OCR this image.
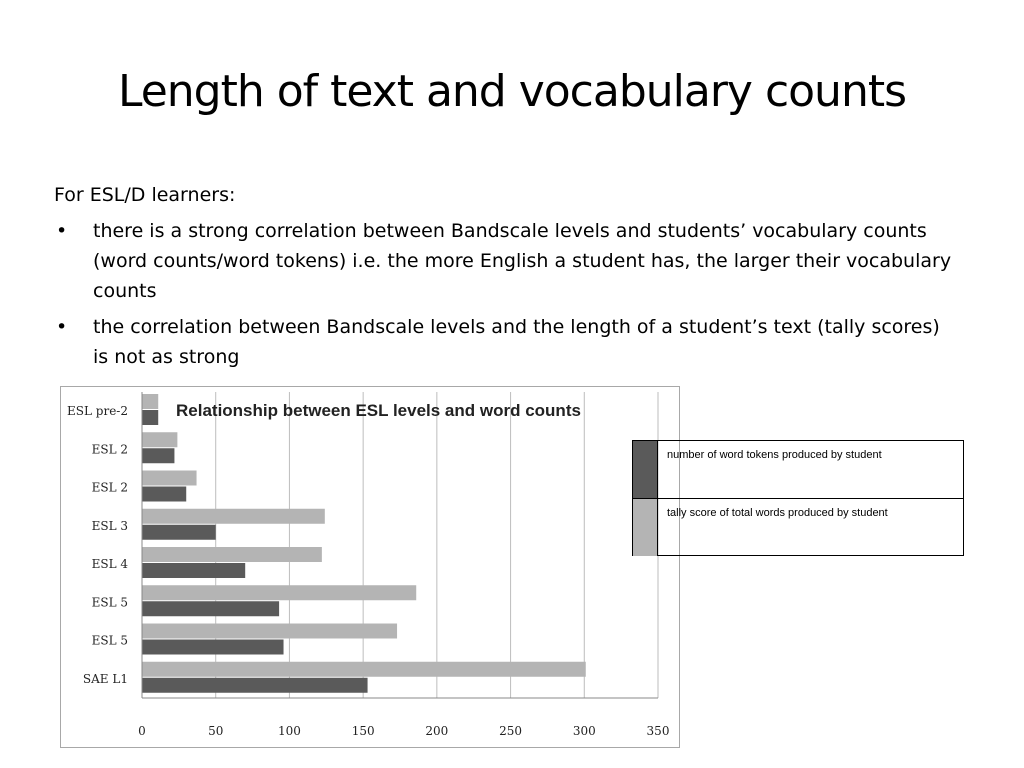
Length of text and vocabulary counts

For ESL/D learners:

• there is a strong correlation between Bandscale levels and students’ vocabulary counts (word counts/word tokens) i.e. the more English a student has, the larger their vocabulary counts
• the correlation between Bandscale levels and the length of a student’s text (tally scores) is not as strong
0	50	100	150	200	250	300	350
ESL pre-2
ESL 2
ESL 2
ESL 3
ESL 4
ESL 5
ESL 5
SAE L1
Relationship between ESL levels and word counts
number of word tokens produced by student
tally score of total words produced by student
